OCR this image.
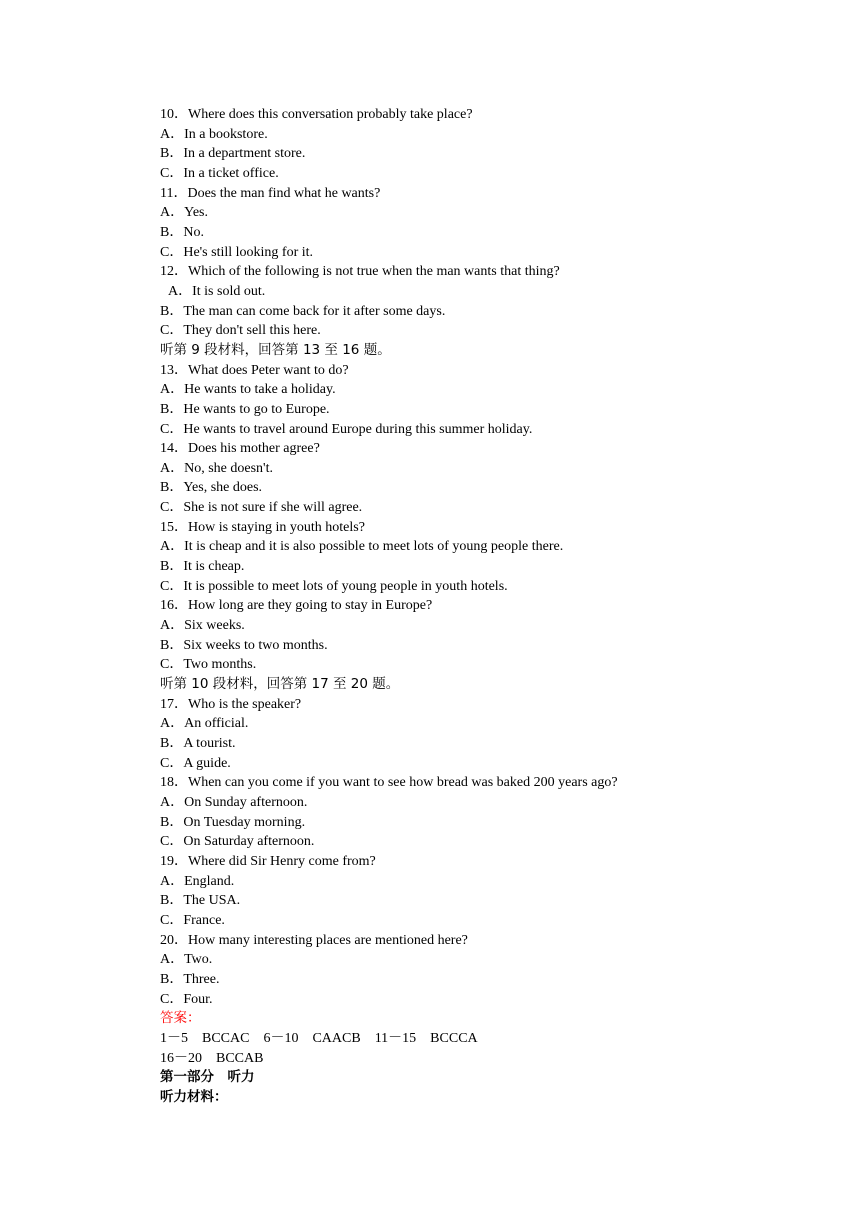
10．Where does this conversation probably take place?
A．In a bookstore.
B．In a department store.
C．In a ticket office.
11．Does the man find what he wants?
A．Yes.
B．No.
C．He's still looking for it.
12．Which of the following is not true when the man wants that thing?
A．It is sold out.
B．The man can come back for it after some days.
C．They don't sell this here.
听第 9 段材料，回答第 13 至 16 题。
13．What does Peter want to do?
A．He wants to take a holiday.
B．He wants to go to Europe.
C．He wants to travel around Europe during this summer holiday.
14．Does his mother agree?
A．No, she doesn't.
B．Yes, she does.
C．She is not sure if she will agree.
15．How is staying in youth hotels?
A．It is cheap and it is also possible to meet lots of young people there.
B．It is cheap.
C．It is possible to meet lots of young people in youth hotels.
16．How long are they going to stay in Europe?
A．Six weeks.
B．Six weeks to two months.
C．Two months.
听第 10 段材料，回答第 17 至 20 题。
17．Who is the speaker?
A．An official.
B．A tourist.
C．A guide.
18．When can you come if you want to see how bread was baked 200 years ago?
A．On Sunday afternoon.
B．On Tuesday morning.
C．On Saturday afternoon.
19．Where did Sir Henry come from?
A．England.
B．The USA.
C．France.
20．How many interesting places are mentioned here?
A．Two.
B．Three.
C．Four.
答案：
1－5　BCCAC　6－10　CAACB　11－15　BCCCA
16－20　BCCAB
第一部分　听力
听力材料：
